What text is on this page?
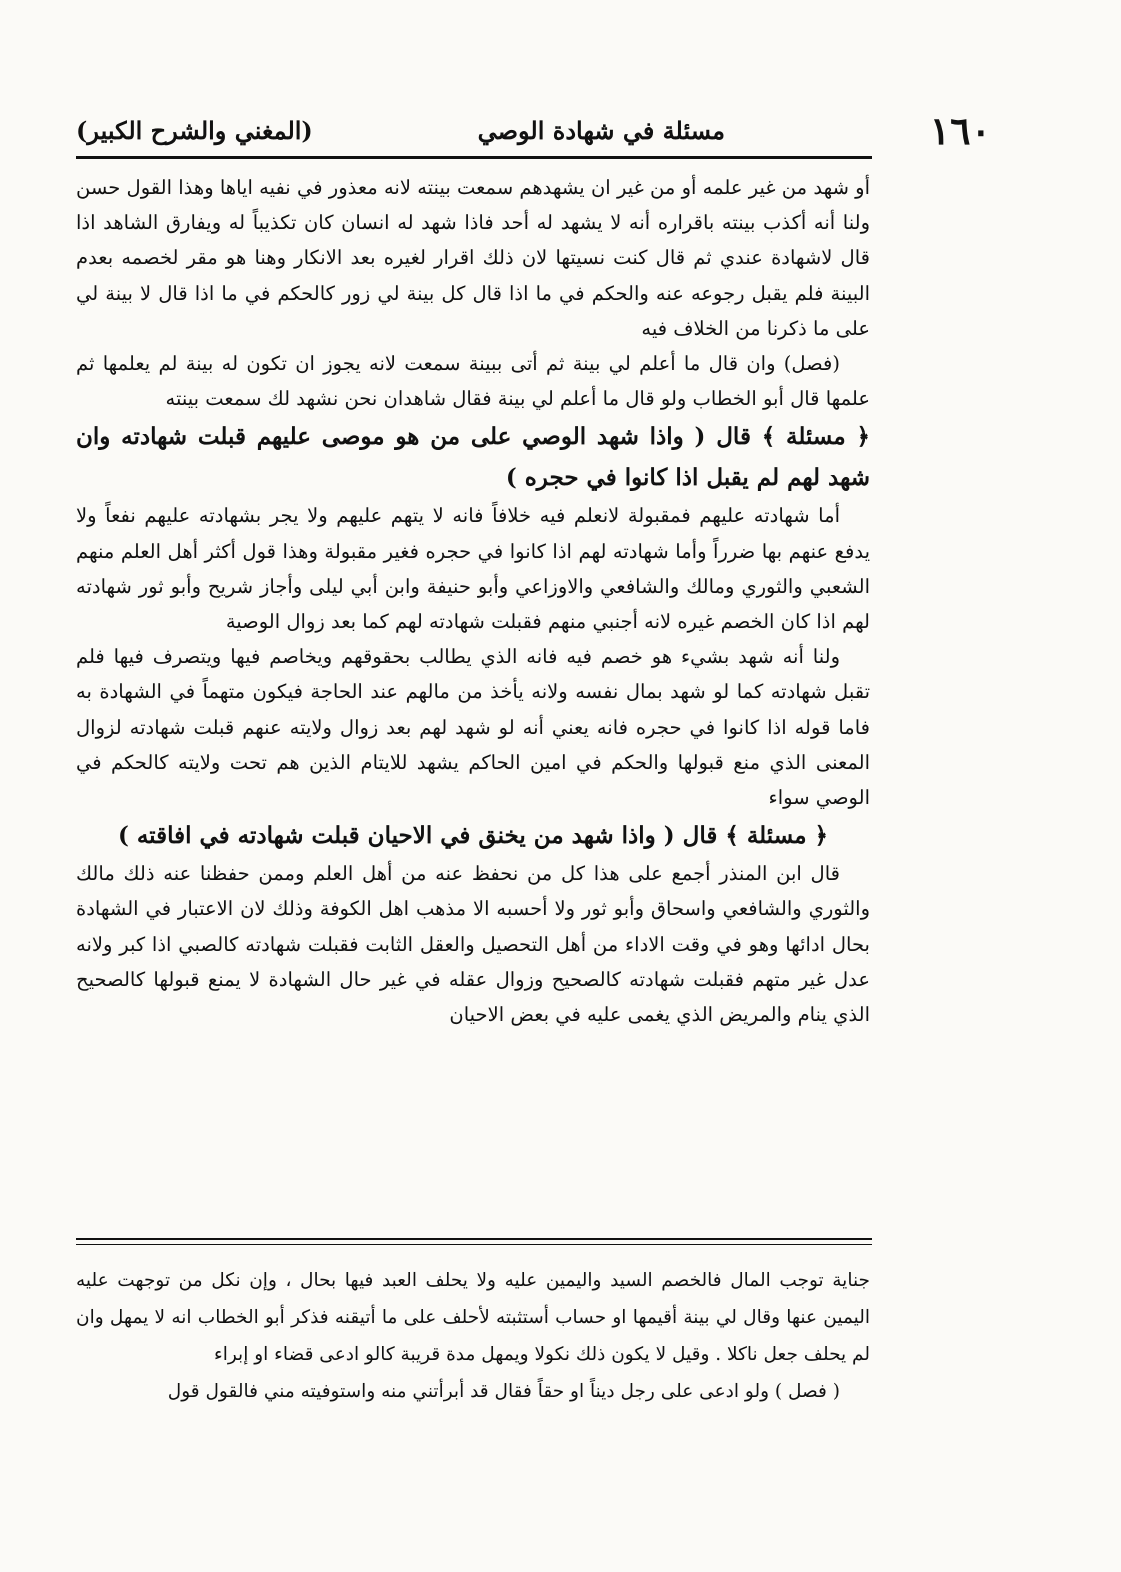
١٦٠
مسئلة في شهادة الوصي
(المغني والشرح الكبير)

أو شهد من غير علمه أو من غير ان يشهدهم سمعت بينته لانه معذور في نفيه اياها وهذا القول حسن ولنا أنه أكذب بينته باقراره أنه لا يشهد له أحد فاذا شهد له انسان كان تكذيباً له ويفارق الشاهد اذا قال لاشهادة عندي ثم قال كنت نسيتها لان ذلك اقرار لغيره بعد الانكار وهنا هو مقر لخصمه بعدم البينة فلم يقبل رجوعه عنه والحكم في ما اذا قال كل بينة لي زور كالحكم في ما اذا قال لا بينة لي على ما ذكرنا من الخلاف فيه

(فصل) وان قال ما أعلم لي بينة ثم أتى ببينة سمعت لانه يجوز ان تكون له بينة لم يعلمها ثم علمها قال أبو الخطاب ولو قال ما أعلم لي بينة فقال شاهدان نحن نشهد لك سمعت بينته

﴿ مسئلة ﴾ قال ( واذا شهد الوصي على من هو موصى عليهم قبلت شهادته وان شهد لهم لم يقبل اذا كانوا في حجره )

أما شهادته عليهم فمقبولة لانعلم فيه خلافاً فانه لا يتهم عليهم ولا يجر بشهادته عليهم نفعاً ولا يدفع عنهم بها ضرراً وأما شهادته لهم اذا كانوا في حجره فغير مقبولة وهذا قول أكثر أهل العلم منهم الشعبي والثوري ومالك والشافعي والاوزاعي وأبو حنيفة وابن أبي ليلى وأجاز شريح وأبو ثور شهادته لهم اذا كان الخصم غيره لانه أجنبي منهم فقبلت شهادته لهم كما بعد زوال الوصية

ولنا أنه شهد بشيء هو خصم فيه فانه الذي يطالب بحقوقهم ويخاصم فيها ويتصرف فيها فلم تقبل شهادته كما لو شهد بمال نفسه ولانه يأخذ من مالهم عند الحاجة فيكون متهماً في الشهادة به فاما قوله اذا كانوا في حجره فانه يعني أنه لو شهد لهم بعد زوال ولايته عنهم قبلت شهادته لزوال المعنى الذي منع قبولها والحكم في امين الحاكم يشهد للايتام الذين هم تحت ولايته كالحكم في الوصي سواء

﴿ مسئلة ﴾ قال ( واذا شهد من يخنق في الاحيان قبلت شهادته في افاقته )

قال ابن المنذر أجمع على هذا كل من نحفظ عنه من أهل العلم وممن حفظنا عنه ذلك مالك والثوري والشافعي واسحاق وأبو ثور ولا أحسبه الا مذهب اهل الكوفة وذلك لان الاعتبار في الشهادة بحال ادائها وهو في وقت الاداء من أهل التحصيل والعقل الثابت فقبلت شهادته كالصبي اذا كبر ولانه عدل غير متهم فقبلت شهادته كالصحيح وزوال عقله في غير حال الشهادة لا يمنع قبولها كالصحيح الذي ينام والمريض الذي يغمى عليه في بعض الاحيان

جناية توجب المال فالخصم السيد واليمين عليه ولا يحلف العبد فيها بحال ، وإن نكل من توجهت عليه اليمين عنها وقال لي بينة أقيمها او حساب أستثبته لأحلف على ما أتيقنه فذكر أبو الخطاب انه لا يمهل وان لم يحلف جعل ناكلا . وقيل لا يكون ذلك نكولا ويمهل مدة قريبة كالو ادعى قضاء او إبراء

( فصل ) ولو ادعى على رجل ديناً او حقاً فقال قد أبرأتني منه واستوفيته مني فالقول قول
